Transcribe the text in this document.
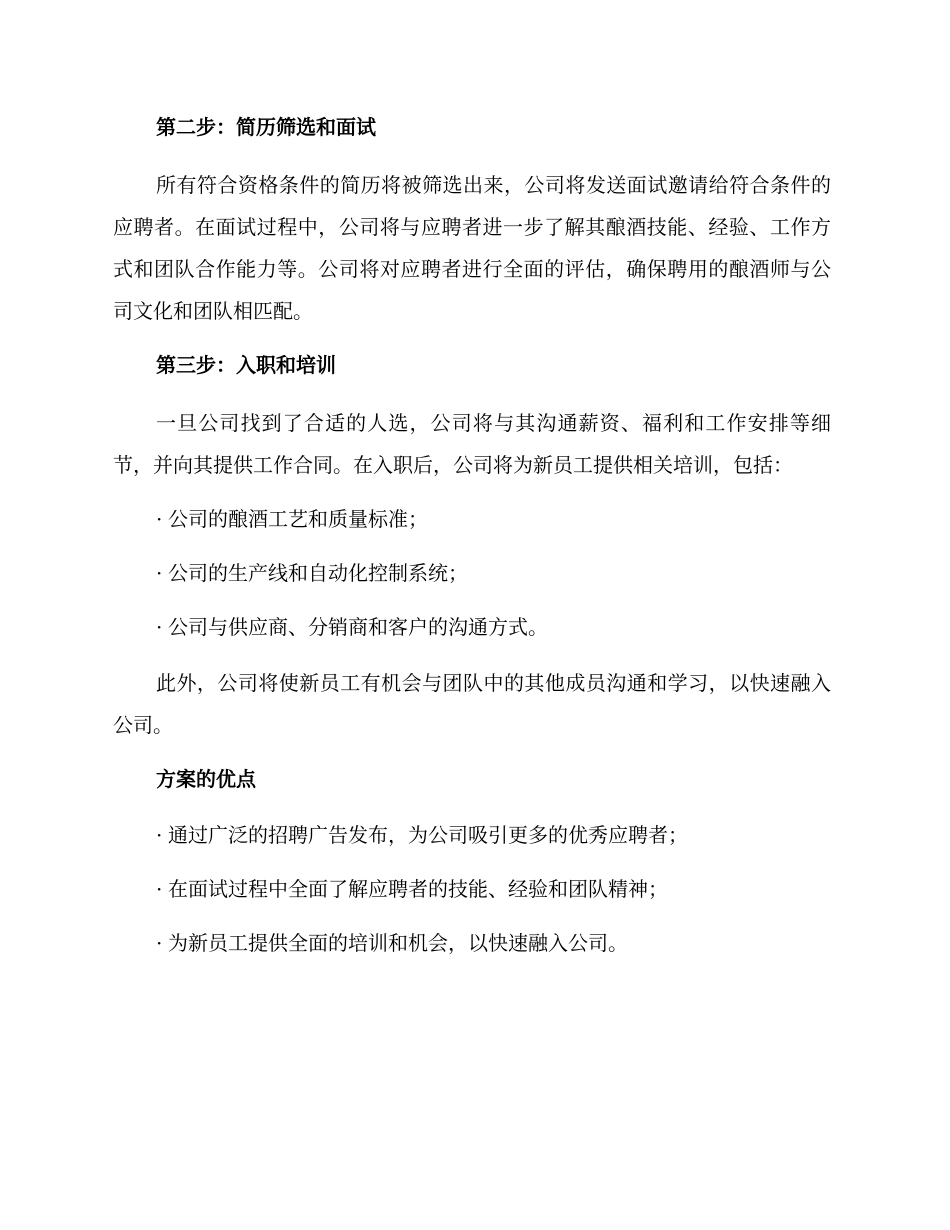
第二步：简历筛选和面试

所有符合资格条件的简历将被筛选出来，公司将发送面试邀请给符合条件的应聘者。在面试过程中，公司将与应聘者进一步了解其酿酒技能、经验、工作方式和团队合作能力等。公司将对应聘者进行全面的评估，确保聘用的酿酒师与公司文化和团队相匹配。

第三步：入职和培训

一旦公司找到了合适的人选，公司将与其沟通薪资、福利和工作安排等细节，并向其提供工作合同。在入职后，公司将为新员工提供相关培训，包括：

· 公司的酿酒工艺和质量标准；
· 公司的生产线和自动化控制系统；
· 公司与供应商、分销商和客户的沟通方式。

此外，公司将使新员工有机会与团队中的其他成员沟通和学习，以快速融入公司。

方案的优点
· 通过广泛的招聘广告发布，为公司吸引更多的优秀应聘者；
· 在面试过程中全面了解应聘者的技能、经验和团队精神；
· 为新员工提供全面的培训和机会，以快速融入公司。
